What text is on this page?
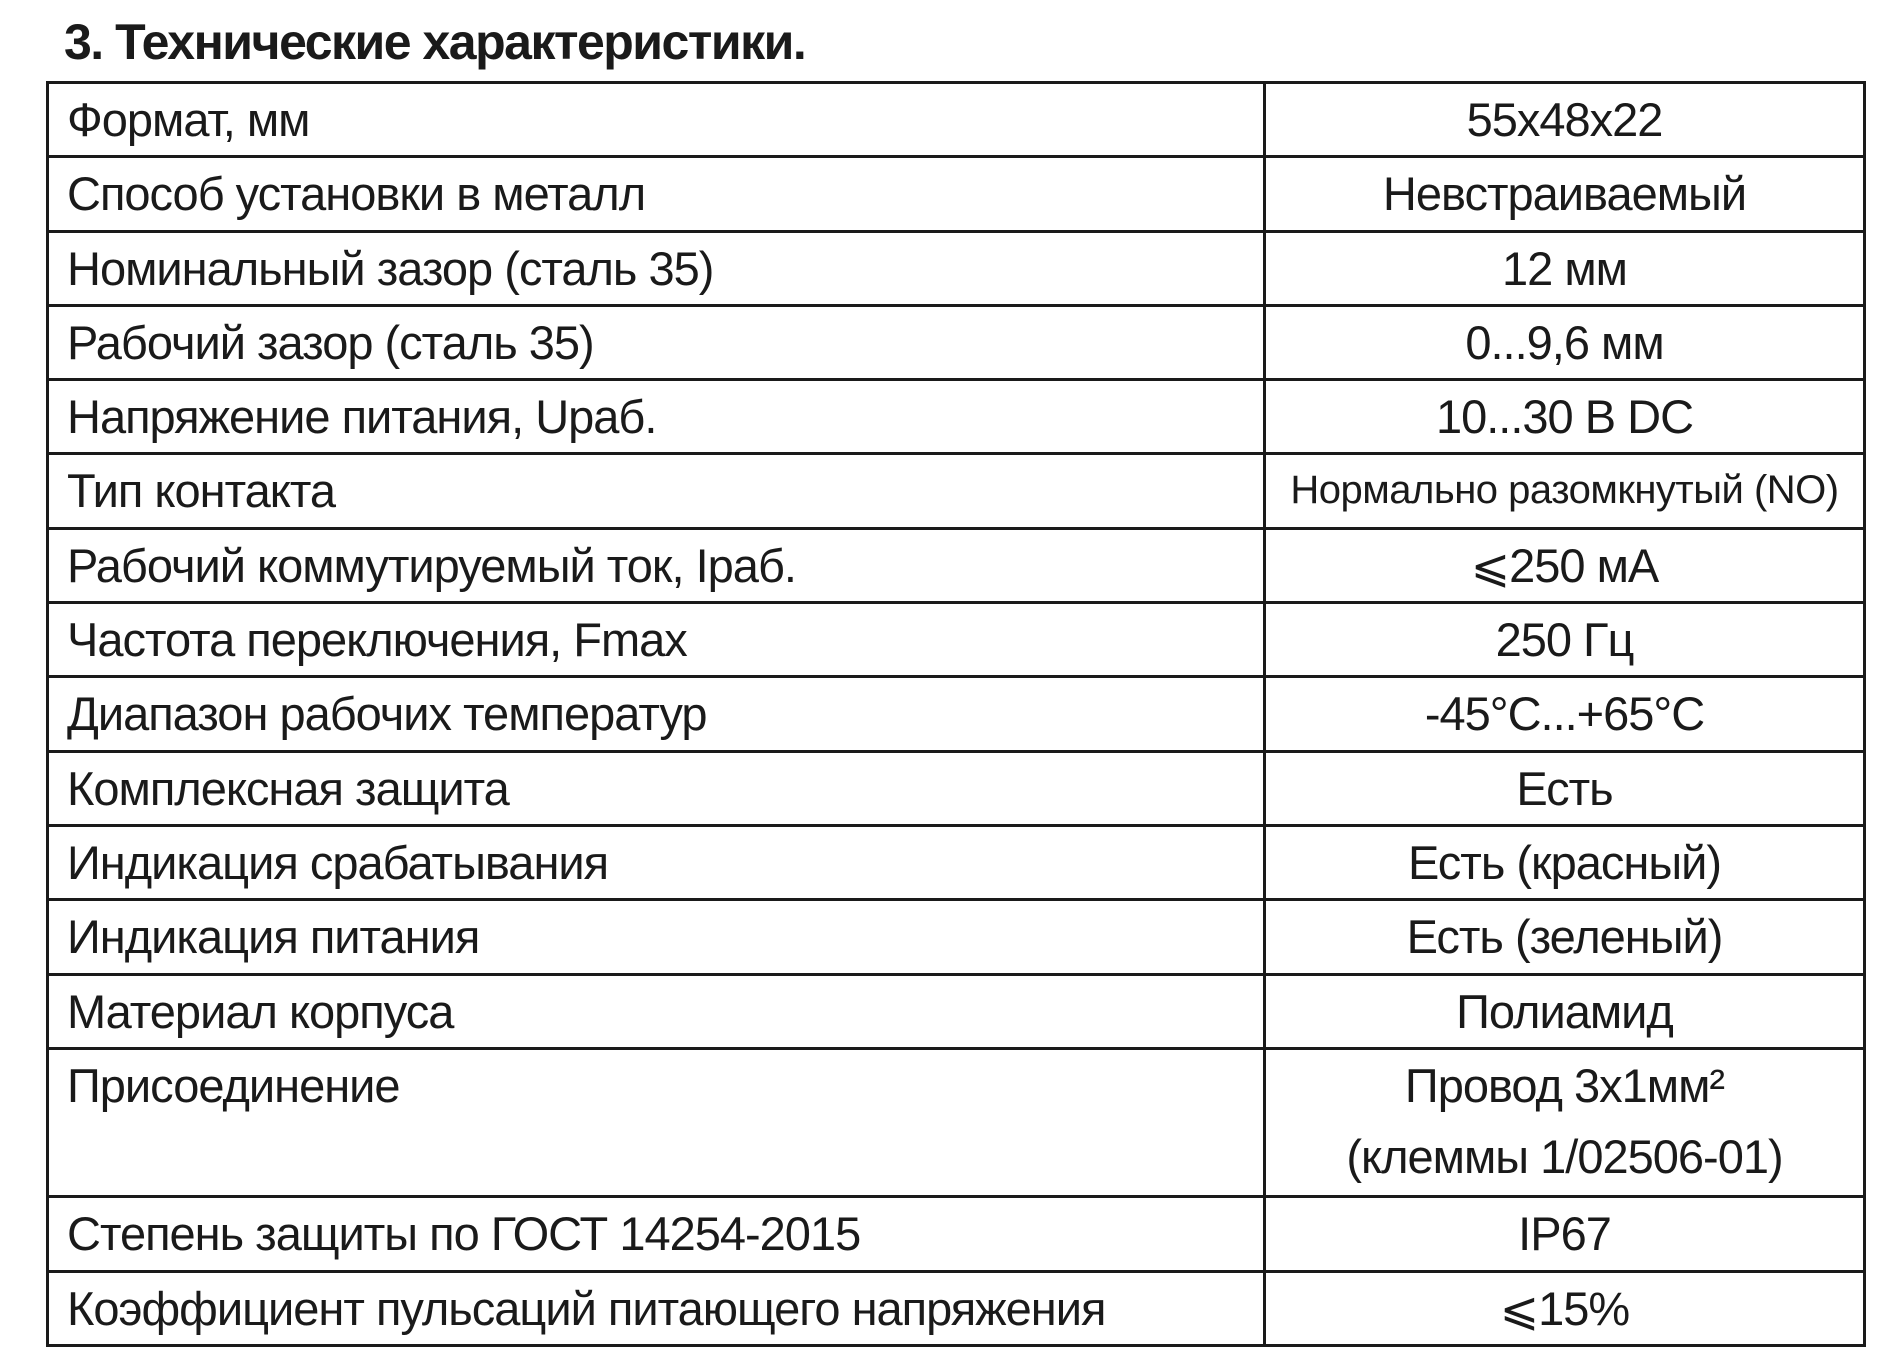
3. Технические характеристики.
Формат, мм	55х48х22
Способ установки в металл	Невстраиваемый
Номинальный зазор (сталь 35)	12 мм
Рабочий зазор (сталь 35)	0...9,6 мм
Напряжение питания, Uраб.	10...30 В DC
Тип контакта	Нормально разомкнутый (NO)
Рабочий коммутируемый ток, Iраб.	⩽250 мА
Частота переключения, Fmax	250 Гц
Диапазон рабочих температур	-45°С...+65°С
Комплексная защита	Есть
Индикация срабатывания	Есть (красный)
Индикация питания	Есть (зеленый)
Материал корпуса	Полиамид
Присоединение	Провод 3х1мм²
(клеммы 1/02506-01)

Степень защиты по ГОСТ 14254-2015	IP67
Коэффициент пульсаций питающего напряжения	⩽15%
